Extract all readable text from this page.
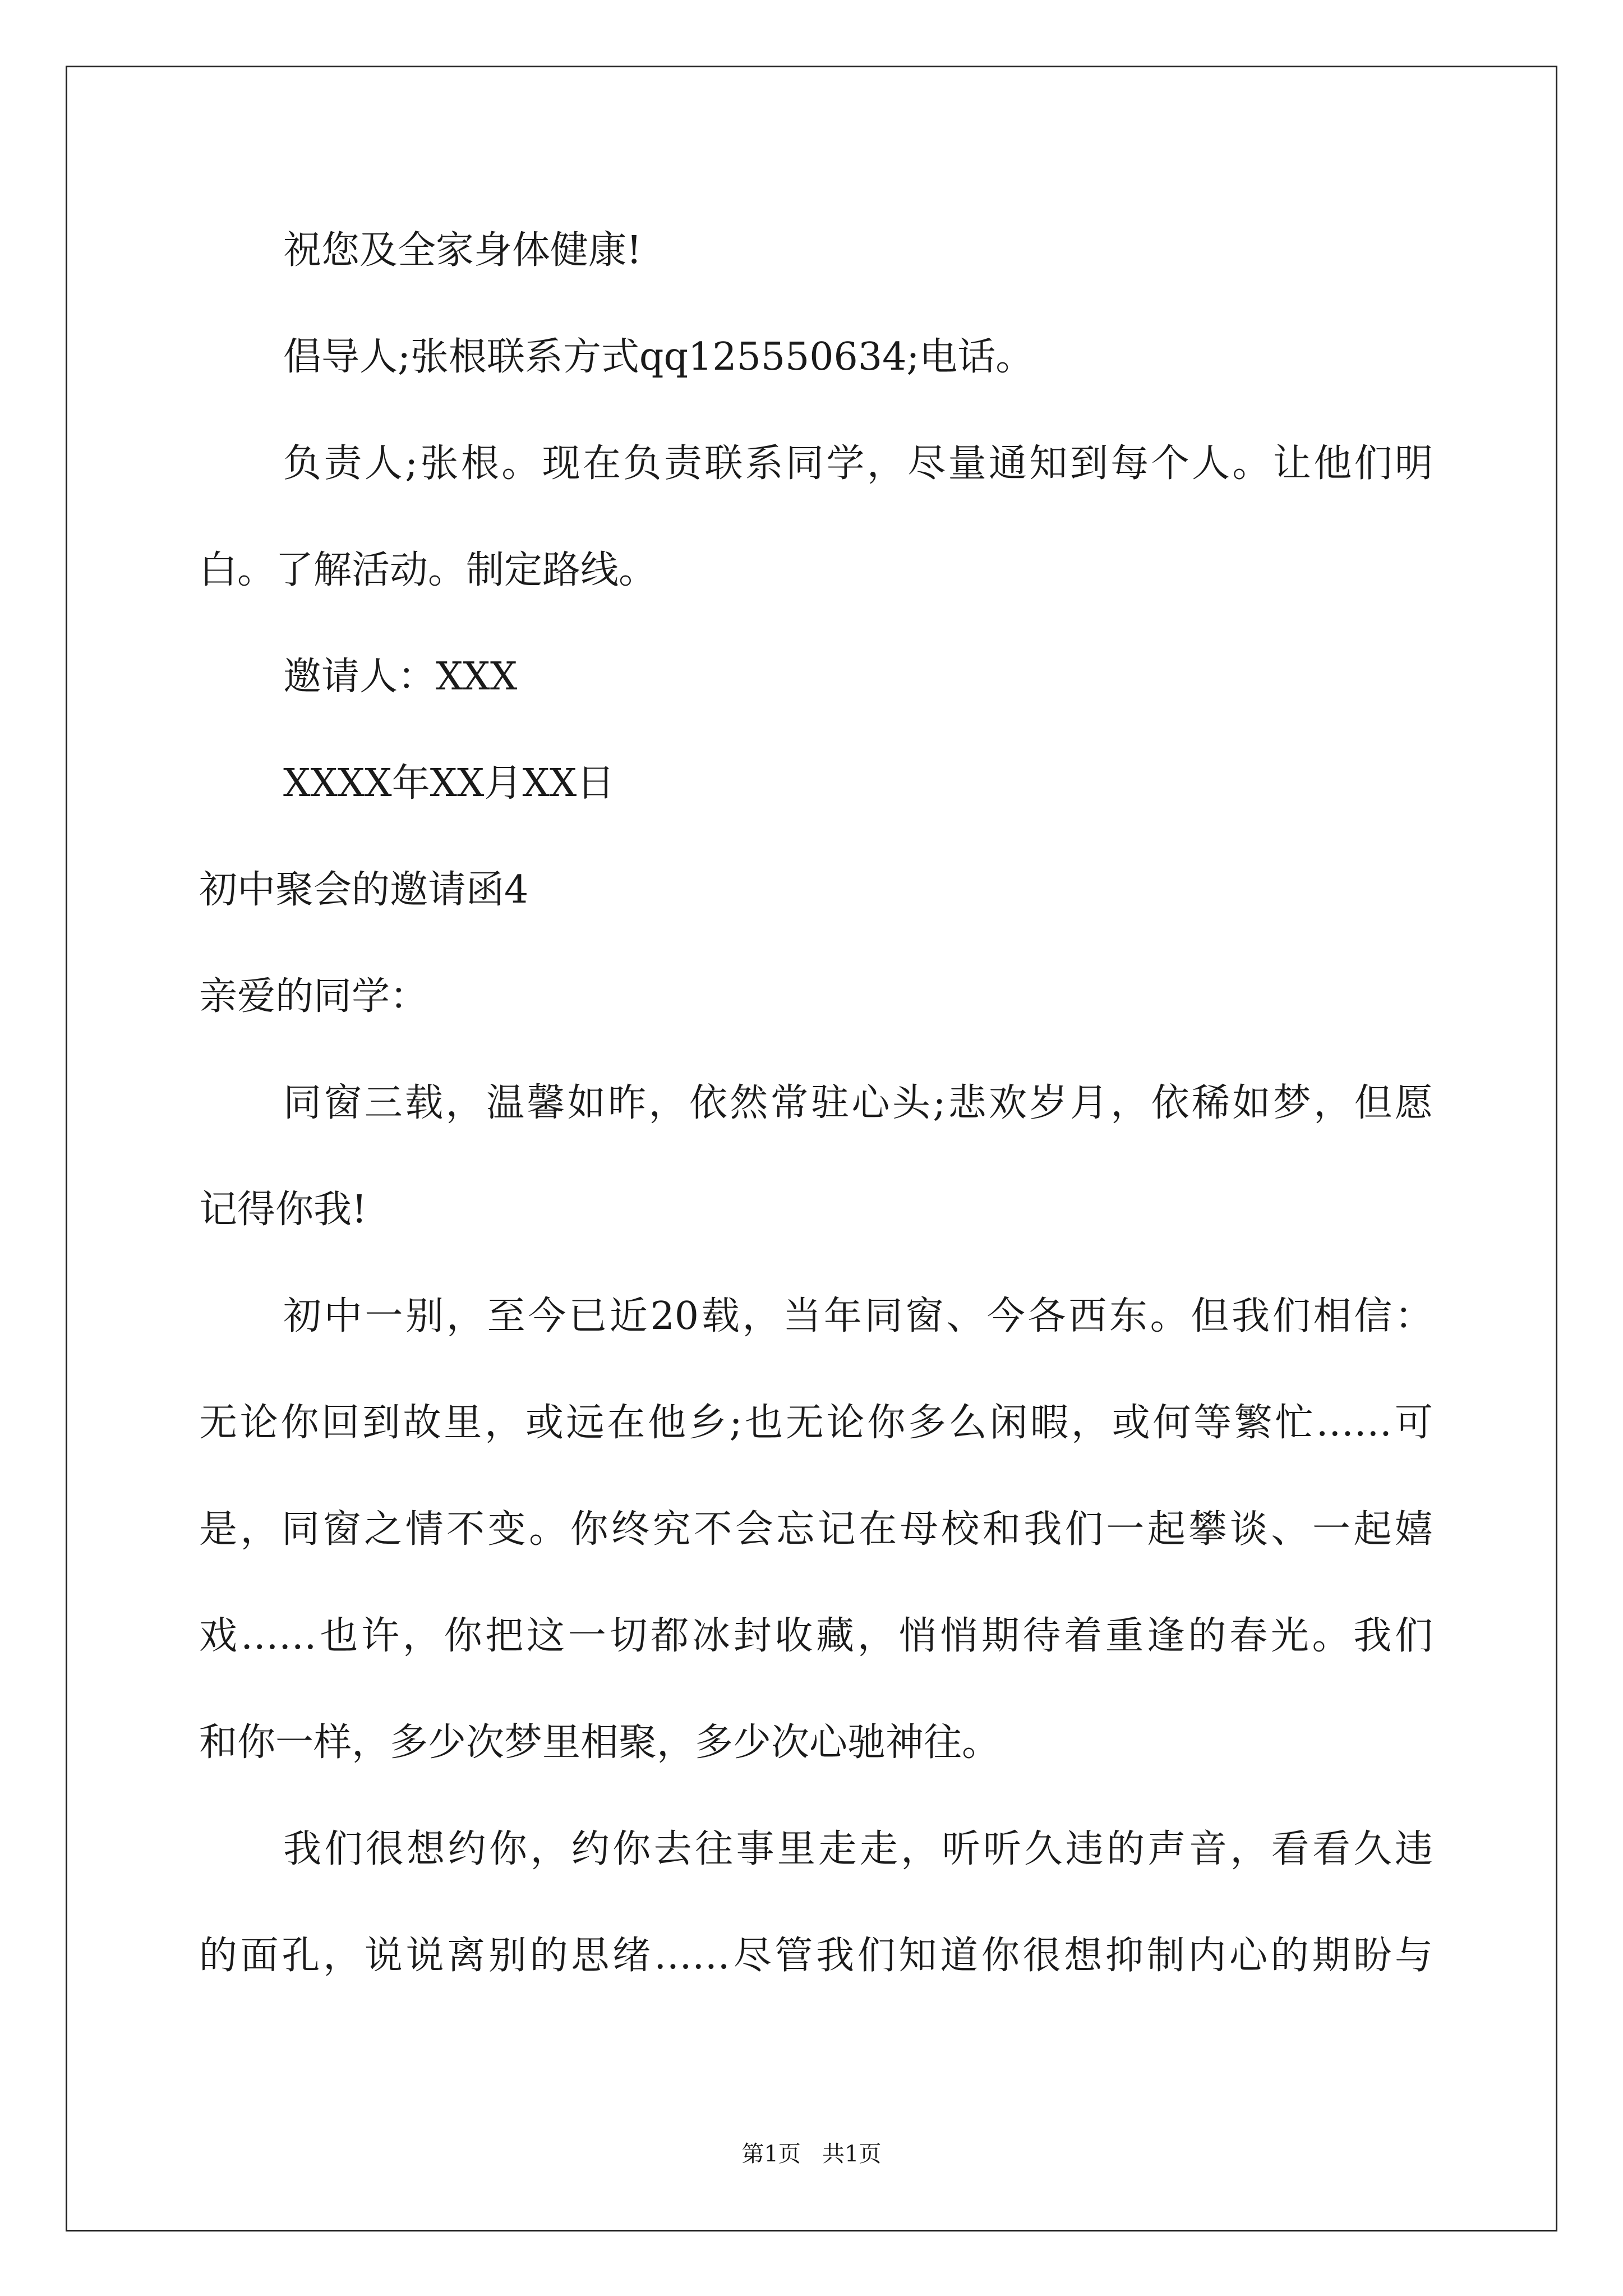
祝您及全家身体健康!
倡导人;张根联系方式qq125550634;电话。
负责人;张根。现在负责联系同学，尽量通知到每个人。让他们明
白。了解活动。制定路线。
邀请人：XXX
XXXX年XX月XX日
初中聚会的邀请函4
亲爱的同学：
同窗三载，温馨如昨，依然常驻心头;悲欢岁月，依稀如梦，但愿
记得你我!
初中一别，至今已近20载，当年同窗、今各西东。但我们相信：
无论你回到故里，或远在他乡;也无论你多么闲暇，或何等繁忙……可
是，同窗之情不变。你终究不会忘记在母校和我们一起攀谈、一起嬉
戏……也许，你把这一切都冰封收藏，悄悄期待着重逢的春光。我们
和你一样，多少次梦里相聚，多少次心驰神往。
我们很想约你，约你去往事里走走，听听久违的声音，看看久违
的面孔，说说离别的思绪……尽管我们知道你很想抑制内心的期盼与
第1页   共1页
